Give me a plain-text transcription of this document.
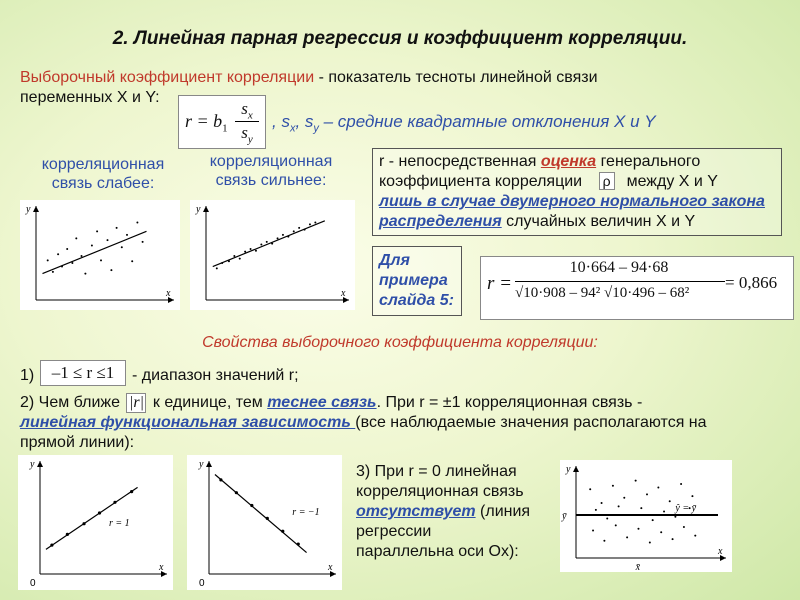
2. Линейная парная регрессия и коэффициент корреляции.
Выборочный коэффициент корреляции - показатель тесноты линейной связи
переменных X и Y:
$r = b_1$
$s_x$
$s_y$
, $s_x$, $s_y$ – средние квадратные отклонения X и Y
корреляционная связь слабее:
корреляционная связь сильнее:
x
y
x
y
r - непосредственная оценка генерального
коэффициента корреляции ρ между X и Y
лишь в случае двумерного нормального закона
распределения случайных величин X и Y
Для примера слайда 5:
r =
10·664 – 94·68
√10·908 – 94² √10·496 – 68²
= 0,866
Свойства выборочного коэффициента корреляции:
1)	–1 ≤ r ≤1	- диапазон значений r;
2) Чем ближе |r| к единице, тем теснее связь. При r = ±1 корреляционная связь -
линейная функциональная зависимость (все наблюдаемые значения располагаются на
прямой линии):
x
y
0
r = 1
x
y
0
r = −1
3) При r = 0 линейная
корреляционная связь
отсутствует (линия
регрессии
параллельна оси Ox):	x
y
ȳ
x̄
ŷ = ȳ
